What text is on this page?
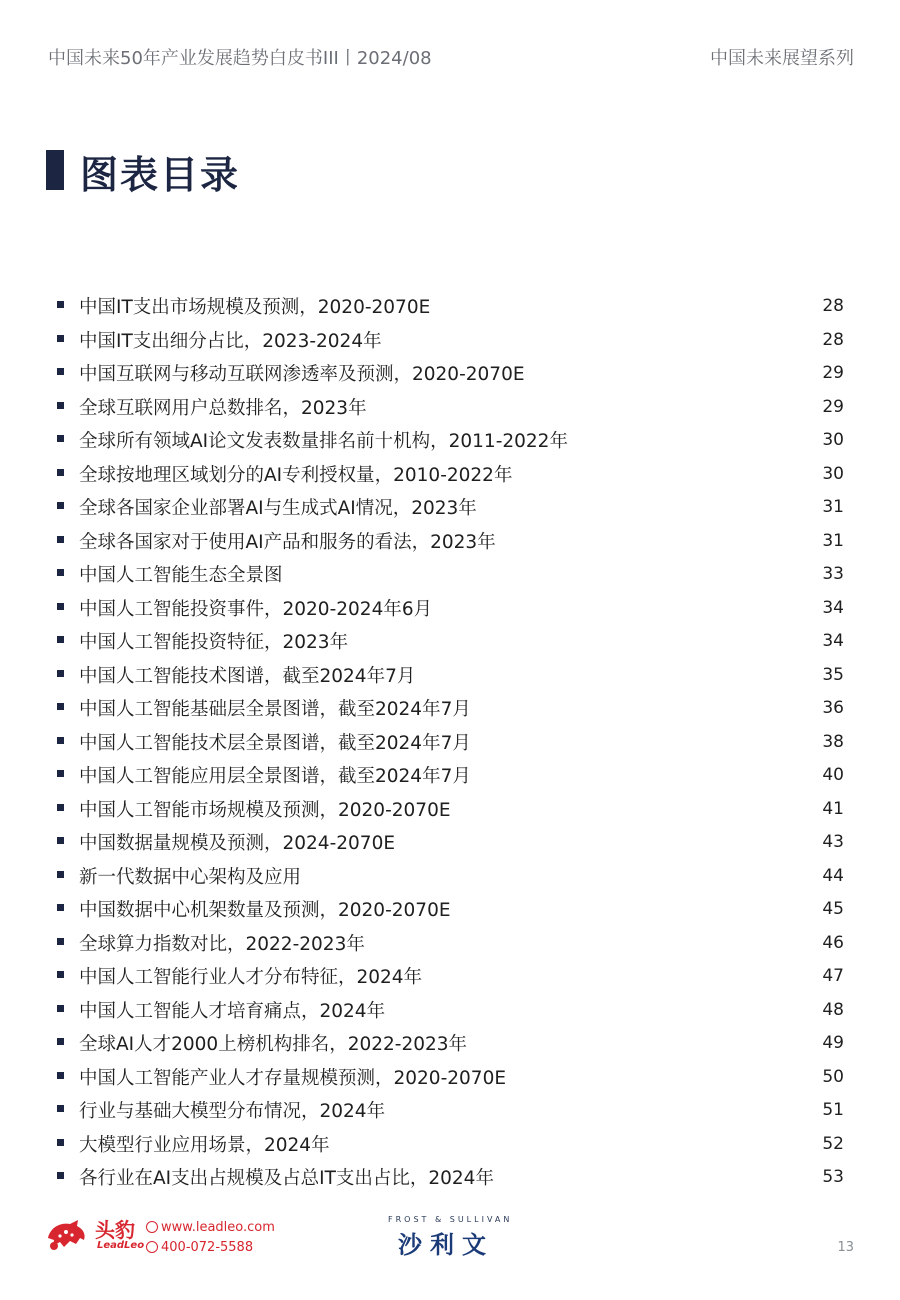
中国未来50年产业发展趋势白皮书III丨2024/08	中国未来展望系列
图表目录
中国IT支出市场规模及预测，2020-2070E	28
中国IT支出细分占比，2023-2024年	28
中国互联网与移动互联网渗透率及预测，2020-2070E	29
全球互联网用户总数排名，2023年	29
全球所有领域AI论文发表数量排名前十机构，2011-2022年	30
全球按地理区域划分的AI专利授权量，2010-2022年	30
全球各国家企业部署AI与生成式AI情况，2023年	31
全球各国家对于使用AI产品和服务的看法，2023年	31
中国人工智能生态全景图	33
中国人工智能投资事件，2020-2024年6月	34
中国人工智能投资特征，2023年	34
中国人工智能技术图谱，截至2024年7月	35
中国人工智能基础层全景图谱，截至2024年7月	36
中国人工智能技术层全景图谱，截至2024年7月	38
中国人工智能应用层全景图谱，截至2024年7月	40
中国人工智能市场规模及预测，2020-2070E	41
中国数据量规模及预测，2024-2070E	43
新一代数据中心架构及应用	44
中国数据中心机架数量及预测，2020-2070E	45
全球算力指数对比，2022-2023年	46
中国人工智能行业人才分布特征，2024年	47
中国人工智能人才培育痛点，2024年	48
全球AI人才2000上榜机构排名，2022-2023年	49
中国人工智能产业人才存量规模预测，2020-2070E	50
行业与基础大模型分布情况，2024年	51
大模型行业应用场景，2024年	52
各行业在AI支出占规模及占总IT支出占比，2024年	53
头豹
LeadLeo
www.leadleo.com
400-072-5588
FROST & SULLIVAN
沙利文	13
